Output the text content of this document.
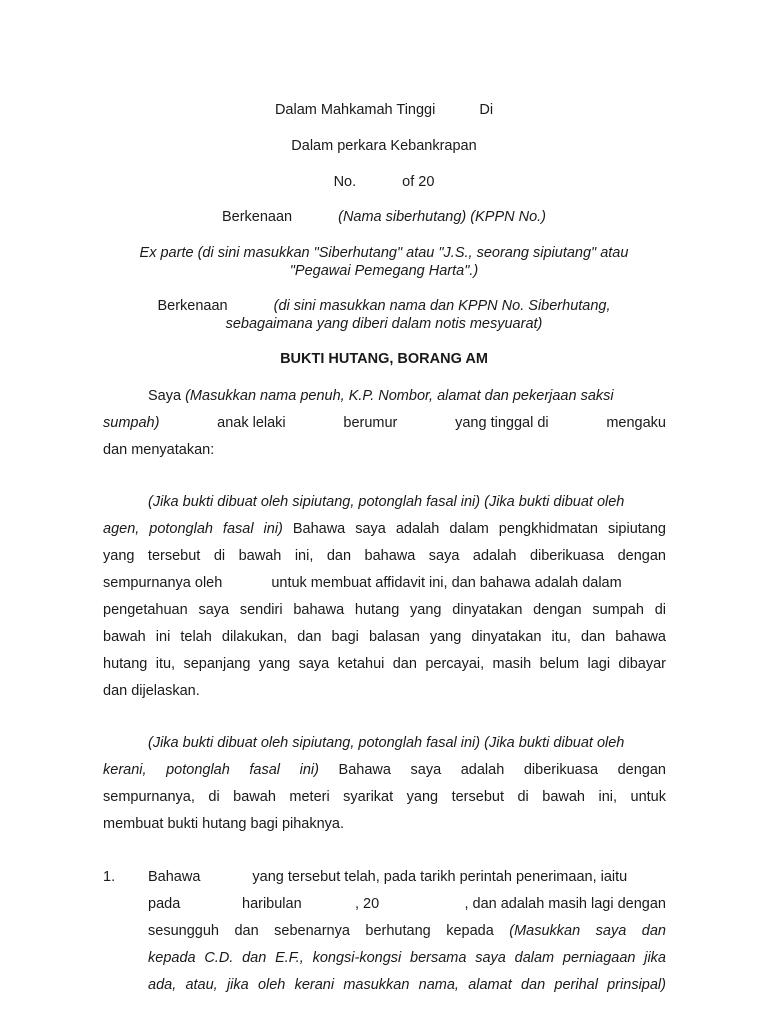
Dalam Mahkamah Tinggi	Di
Dalam perkara Kebankrapan
No.	of 20
Berkenaan	(Nama siberhutang) (KPPN No.)
Ex parte (di sini masukkan "Siberhutang" atau "J.S., seorang sipiutang" atau
"Pegawai Pemegang Harta".)
Berkenaan	(di sini masukkan nama dan KPPN No. Siberhutang,
sebagaimana yang diberi dalam notis mesyuarat)
BUKTI HUTANG, BORANG AM
Saya (Masukkan nama penuh, K.P. Nombor, alamat dan pekerjaan saksi
sumpah)	anak lelaki	berumur	yang tinggal di	mengaku
dan menyatakan:
(Jika bukti dibuat oleh sipiutang, potonglah fasal ini) (Jika bukti dibuat oleh
agen, potonglah fasal ini) Bahawa saya adalah dalam pengkhidmatan sipiutang
yang tersebut di bawah ini, dan bahawa saya adalah diberikuasa dengan
sempurnanya oleh	untuk membuat affidavit ini, dan bahawa adalah dalam
pengetahuan saya sendiri bahawa hutang yang dinyatakan dengan sumpah di
bawah ini telah dilakukan, dan bagi balasan yang dinyatakan itu, dan bahawa
hutang itu, sepanjang yang saya ketahui dan percayai, masih belum lagi dibayar
dan dijelaskan.
(Jika bukti dibuat oleh sipiutang, potonglah fasal ini) (Jika bukti dibuat oleh
kerani, potonglah fasal ini) Bahawa saya adalah diberikuasa dengan
sempurnanya, di bawah meteri syarikat yang tersebut di bawah ini, untuk
membuat bukti hutang bagi pihaknya.
1. Bahawa	yang tersebut telah, pada tarikh perintah penerimaan, iaitu
pada	haribulan	, 20	, dan adalah masih lagi dengan
sesungguh dan sebenarnya berhutang kepada (Masukkan saya dan
kepada C.D. dan E.F., kongsi-kongsi bersama saya dalam perniagaan jika
ada, atau, jika oleh kerani masukkan nama, alamat dan perihal prinsipal)
